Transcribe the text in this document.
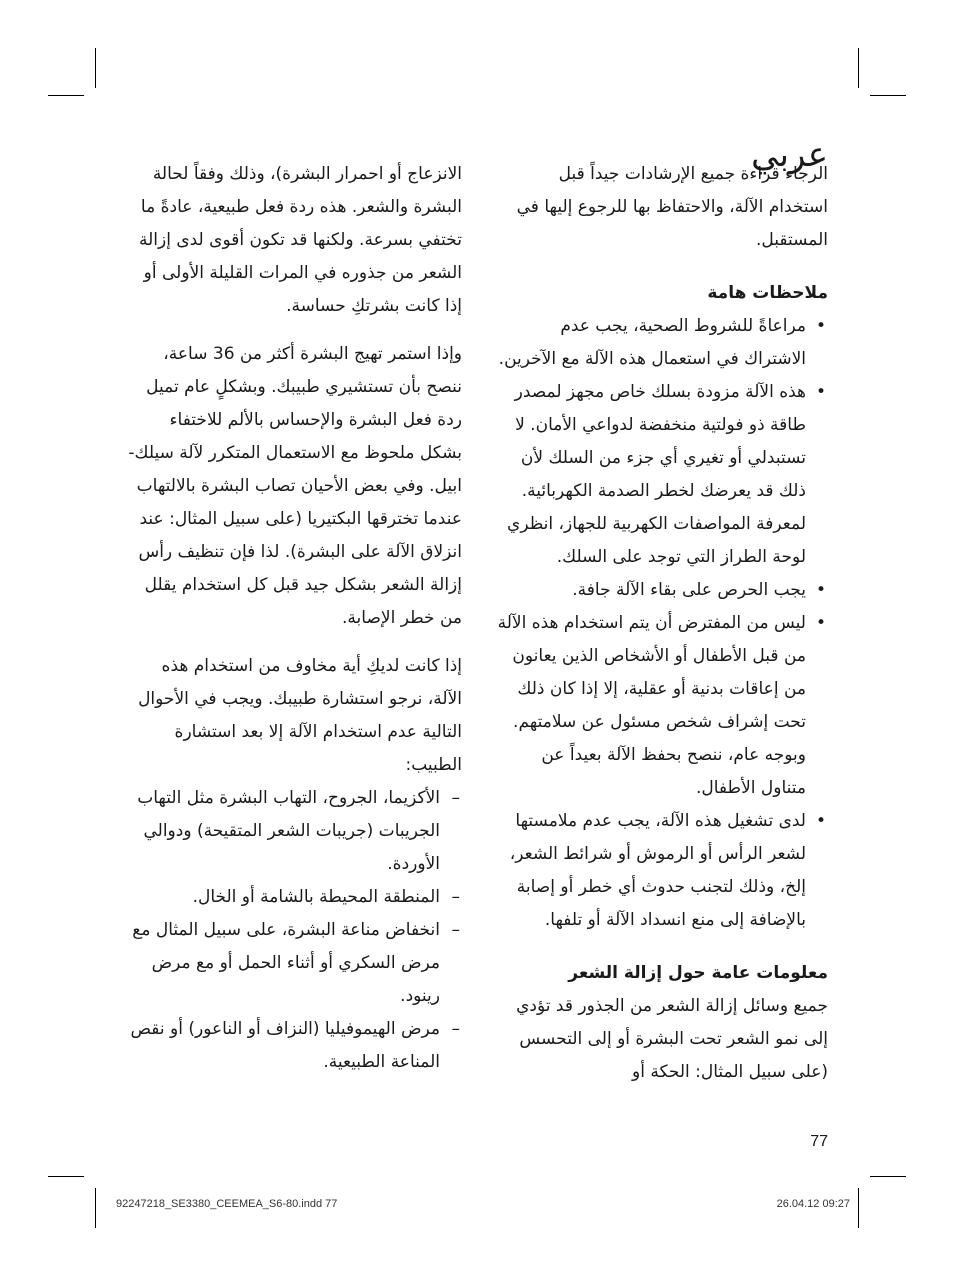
عربي

الرجاء قراءة جميع الإرشادات جيداً قبل استخدام الآلة، والاحتفاظ بها للرجوع إليها في المستقبل.

ملاحظات هامة

•
مراعاةً للشروط الصحية، يجب عدم الاشتراك في استعمال هذه الآلة مع الآخرين.
•
هذه الآلة مزودة بسلك خاص مجهز لمصدر طاقة ذو فولتية منخفضة لدواعي الأمان. لا تستبدلي أو تغيري أي جزء من السلك لأن ذلك قد يعرضك لخطر الصدمة الكهربائية. لمعرفة المواصفات الكهربية للجهاز، انظري لوحة الطراز التي توجد على السلك.
•
يجب الحرص على بقاء الآلة جافة.
•
ليس من المفترض أن يتم استخدام هذه الآلة من قبل الأطفال أو الأشخاص الذين يعانون من إعاقات بدنية أو عقلية، إلا إذا كان ذلك تحت إشراف شخص مسئول عن سلامتهم. وبوجه عام، ننصح بحفظ الآلة بعيداً عن متناول الأطفال.
•
لدى تشغيل هذه الآلة، يجب عدم ملامستها لشعر الرأس أو الرموش أو شرائط الشعر، إلخ، وذلك لتجنب حدوث أي خطر أو إصابة بالإضافة إلى منع انسداد الآلة أو تلفها.

معلومات عامة حول إزالة الشعر

جميع وسائل إزالة الشعر من الجذور قد تؤدي إلى نمو الشعر تحت البشرة أو إلى التحسس (على سبيل المثال: الحكة أو

الانزعاج أو احمرار البشرة)، وذلك وفقاً لحالة البشرة والشعر. هذه ردة فعل طبيعية، عادةً ما تختفي بسرعة. ولكنها قد تكون أقوى لدى إزالة الشعر من جذوره في المرات القليلة الأولى أو إذا كانت بشرتكِ حساسة.

وإذا استمر تهيج البشرة أكثر من 36 ساعة، ننصح بأن تستشيري طبيبك. وبشكلٍ عام تميل ردة فعل البشرة والإحساس بالألم للاختفاء بشكل ملحوظ مع الاستعمال المتكرر لآلة سيلك-ابيل. وفي بعض الأحيان تصاب البشرة بالالتهاب عندما تخترقها البكتيريا (على سبيل المثال: عند انزلاق الآلة على البشرة). لذا فإن تنظيف رأس إزالة الشعر بشكل جيد قبل كل استخدام يقلل من خطر الإصابة.

إذا كانت لديكِ أية مخاوف من استخدام هذه الآلة، نرجو استشارة طبيبك. ويجب في الأحوال التالية عدم استخدام الآلة إلا بعد استشارة الطبيب:

–
الأكزيما، الجروح، التهاب البشرة مثل التهاب الجريبات (جريبات الشعر المتقيحة) ودوالي الأوردة.
–
المنطقة المحيطة بالشامة أو الخال.
–
انخفاض مناعة البشرة، على سبيل المثال مع مرض السكري أو أثناء الحمل أو مع مرض رينود.
–
مرض الهيموفيليا (النزاف أو الناعور) أو نقص المناعة الطبيعية.
77
92247218_SE3380_CEEMEA_S6-80.indd 77	26.04.12 09:27
